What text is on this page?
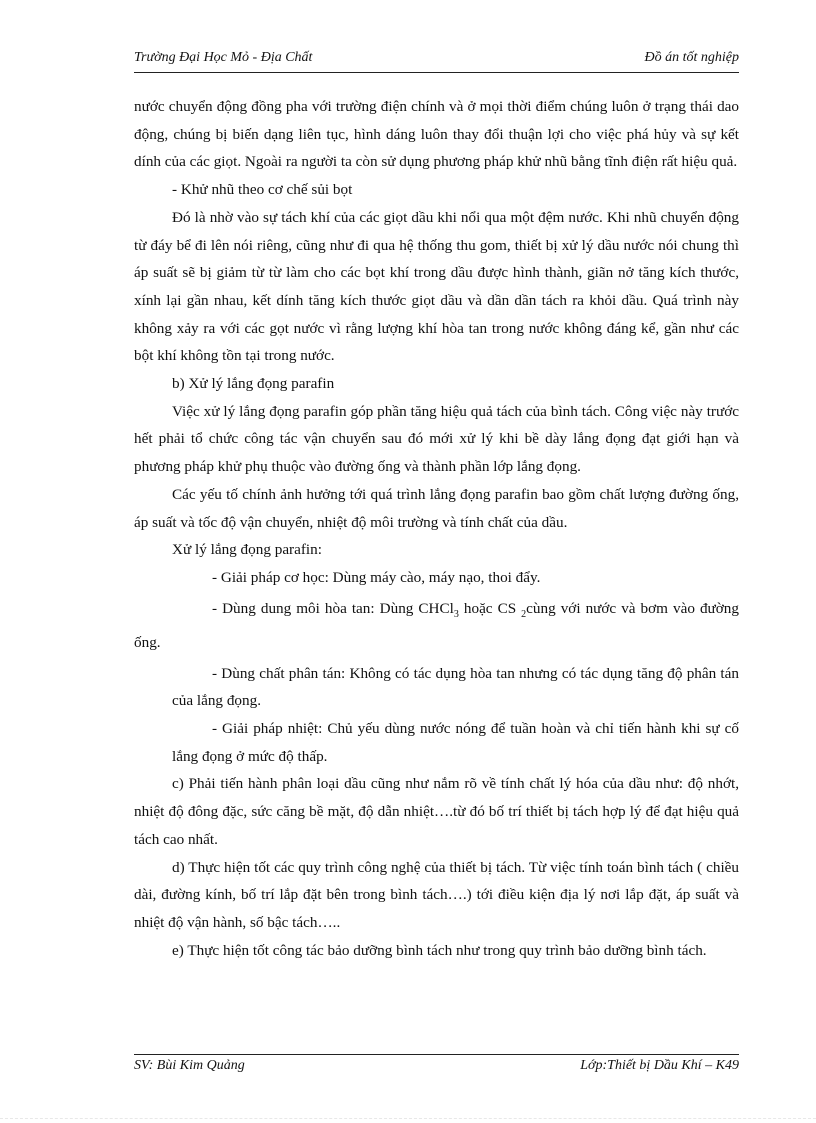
Trường Đại Học Mỏ - Địa Chất	Đồ án tốt nghiệp

nước chuyển động đồng pha với trường điện chính và ở mọi thời điểm chúng luôn ở trạng thái dao động, chúng bị biến dạng liên tục, hình dáng luôn thay đổi thuận lợi cho việc phá hủy và sự kết dính của các giọt. Ngoài ra người ta còn sử dụng phương pháp khử nhũ bằng tĩnh điện rất hiệu quả.

- Khử nhũ theo cơ chế sủi bọt

Đó là nhờ vào sự tách khí của các giọt dầu khi nổi qua một đệm nước. Khi nhũ chuyển động từ đáy bể đi lên nói riêng, cũng như đi qua hệ thống thu gom, thiết bị xử lý dầu nước nói chung thì áp suất sẽ bị giảm từ từ làm cho các bọt khí trong dầu được hình thành, giãn nở tăng kích thước, xính lại gần nhau, kết dính tăng kích thước giọt dầu và dần dần tách ra khỏi dầu. Quá trình này không xảy ra với các gọt nước vì rằng lượng khí hòa tan trong nước không đáng kể, gần như các bột khí không tồn tại trong nước.

b) Xử lý lắng đọng parafin

Việc xử lý lắng đọng parafin góp phần tăng hiệu quả tách của bình tách. Công việc này trước hết phải tổ chức công tác vận chuyển sau đó mới xử lý khi bề dày lắng đọng đạt giới hạn và phương pháp khử phụ thuộc vào đường ống và thành phần lớp lắng đọng.

Các yếu tố chính ảnh hưởng tới quá trình lắng đọng parafin bao gồm chất lượng đường ống, áp suất và tốc độ vận chuyển, nhiệt độ môi trường và tính chất của dầu.

Xử lý lắng đọng parafin:

- Giải pháp cơ học: Dùng máy cào, máy nạo, thoi đẩy.

- Dùng dung môi hòa tan: Dùng CHCl$_3$ hoặc CS $_2$cùng với nước và bơm vào đường ống.

- Dùng chất phân tán: Không có tác dụng hòa tan nhưng có tác dụng tăng độ phân tán của lắng đọng.

- Giải pháp nhiệt: Chủ yếu dùng nước nóng để tuần hoàn và chỉ tiến hành khi sự cố lắng đọng ở mức độ thấp.

c) Phải tiến hành phân loại dầu cũng như nắm rõ về tính chất lý hóa của dầu như: độ nhớt, nhiệt độ đông đặc, sức căng bề mặt, độ dẫn nhiệt….từ đó bố trí thiết bị tách hợp lý để đạt hiệu quả tách cao nhất.

d) Thực hiện tốt các quy trình công nghệ của thiết bị tách. Từ việc tính toán bình tách ( chiều dài, đường kính, bố trí lắp đặt bên trong bình tách….) tới điều kiện địa lý nơi lắp đặt, áp suất và nhiệt độ vận hành, số bậc tách…..

e) Thực hiện tốt công tác bảo dưỡng bình tách như trong quy trình bảo dưỡng bình tách.

SV: Bùi Kim Quảng	Lớp:Thiết bị Dầu Khí – K49
